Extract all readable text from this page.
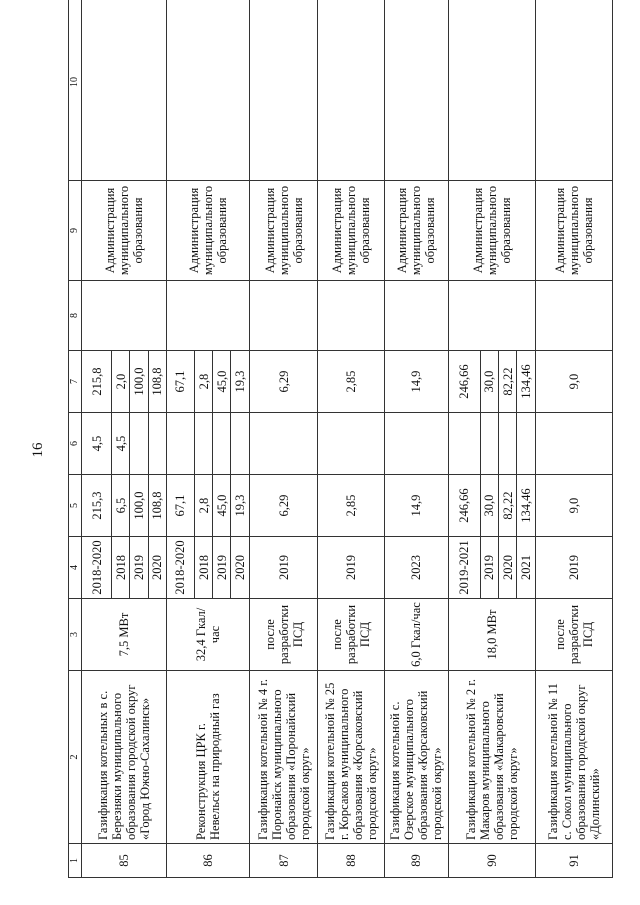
16
1	2	3	4	5	6	7	8	9	10
85	Газификация котельных в с. Березняки муниципального образования городской округ «Город Южно-Сахалинск»	7,5 МВт	2018-2020	215,3	4,5	215,8		Администрация муниципального образования	
			2018	6,5	4,5	2,0			
			2019	100,0		100,0			
			2020	108,8		108,8			
86	Реконструкция ЦРК г. Невельск на природный газ	32,4 Гкал/час	2018-2020	67,1		67,1		Администрация муниципального образования	
			2018	2,8		2,8			
			2019	45,0		45,0			
			2020	19,3		19,3			
87	Газификация котельной № 4 г. Поронайск муниципального образования «Поронайский городской округ»	после разработки ПСД	2019	6,29		6,29		Администрация муниципального образования	
88	Газификация котельной № 25 г. Корсаков муниципального образования «Корсаковский городской округ»	после разработки ПСД	2019	2,85		2,85		Администрация муниципального образования	
89	Газификация котельной с. Озерское муниципального образования «Корсаковский городской округ»	6,0 Гкал/час	2023	14,9		14,9		Администрация муниципального образования	
90	Газификация котельной № 2 г. Макаров муниципального образования «Макаровский городской округ»	18,0 МВт	2019-2021	246,66		246,66		Администрация муниципального образования	
			2019	30,0		30,0			
			2020	82,22		82,22			
			2021	134,46		134,46			
91	Газификация котельной № 11 с. Сокол муниципального образования городской округ «Долинский»	после разработки ПСД	2019	9,0		9,0		Администрация муниципального образования	
